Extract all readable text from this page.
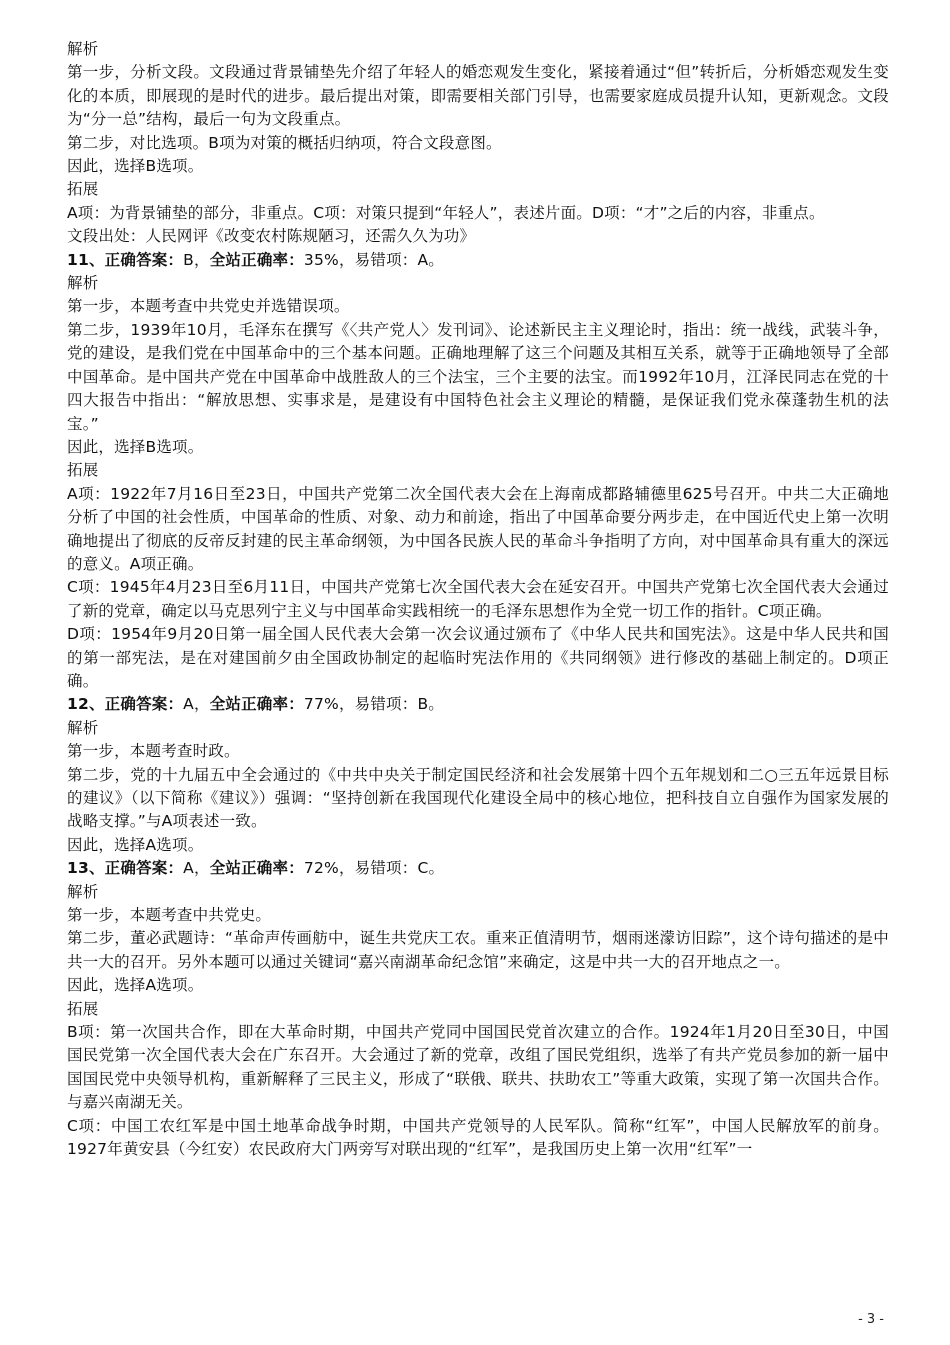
解析

第一步，分析文段。文段通过背景铺垫先介绍了年轻人的婚恋观发生变化，紧接着通过“但”转折后，分析婚恋观发生变化的本质，即展现的是时代的进步。最后提出对策，即需要相关部门引导，也需要家庭成员提升认知，更新观念。文段为“分一总”结构，最后一句为文段重点。

第二步，对比选项。B项为对策的概括归纳项，符合文段意图。

因此，选择B选项。

拓展

A项：为背景铺垫的部分，非重点。C项：对策只提到“年轻人”，表述片面。D项：“才”之后的内容，非重点。

文段出处：人民网评《改变农村陈规陋习，还需久久为功》

11、正确答案：B，全站正确率：35%，易错项：A。

解析

第一步，本题考查中共党史并选错误项。

第二步，1939年10月，毛泽东在撰写《〈共产党人〉发刊词》、论述新民主主义理论时，指出：统一战线，武装斗争，党的建设，是我们党在中国革命中的三个基本问题。正确地理解了这三个问题及其相互关系，就等于正确地领导了全部中国革命。是中国共产党在中国革命中战胜敌人的三个法宝，三个主要的法宝。而1992年10月，江泽民同志在党的十四大报告中指出：“解放思想、实事求是，是建设有中国特色社会主义理论的精髓，是保证我们党永葆蓬勃生机的法宝。”

因此，选择B选项。

拓展

A项：1922年7月16日至23日，中国共产党第二次全国代表大会在上海南成都路辅德里625号召开。中共二大正确地分析了中国的社会性质，中国革命的性质、对象、动力和前途，指出了中国革命要分两步走，在中国近代史上第一次明确地提出了彻底的反帝反封建的民主革命纲领，为中国各民族人民的革命斗争指明了方向，对中国革命具有重大的深远的意义。A项正确。

C项：1945年4月23日至6月11日，中国共产党第七次全国代表大会在延安召开。中国共产党第七次全国代表大会通过了新的党章，确定以马克思列宁主义与中国革命实践相统一的毛泽东思想作为全党一切工作的指针。C项正确。

D项：1954年9月20日第一届全国人民代表大会第一次会议通过颁布了《中华人民共和国宪法》。这是中华人民共和国的第一部宪法，是在对建国前夕由全国政协制定的起临时宪法作用的《共同纲领》进行修改的基础上制定的。D项正确。

12、正确答案：A，全站正确率：77%，易错项：B。

解析

第一步，本题考查时政。

第二步，党的十九届五中全会通过的《中共中央关于制定国民经济和社会发展第十四个五年规划和二○三五年远景目标的建议》（以下简称《建议》）强调：“坚持创新在我国现代化建设全局中的核心地位，把科技自立自强作为国家发展的战略支撑。”与A项表述一致。

因此，选择A选项。

13、正确答案：A，全站正确率：72%，易错项：C。

解析

第一步，本题考查中共党史。

第二步，董必武题诗：“革命声传画舫中，诞生共党庆工农。重来正值清明节，烟雨迷濛访旧踪”，这个诗句描述的是中共一大的召开。另外本题可以通过关键词“嘉兴南湖革命纪念馆”来确定，这是中共一大的召开地点之一。

因此，选择A选项。

拓展

B项：第一次国共合作，即在大革命时期，中国共产党同中国国民党首次建立的合作。1924年1月20日至30日，中国国民党第一次全国代表大会在广东召开。大会通过了新的党章，改组了国民党组织，选举了有共产党员参加的新一届中国国民党中央领导机构，重新解释了三民主义，形成了“联俄、联共、扶助农工”等重大政策，实现了第一次国共合作。与嘉兴南湖无关。

C项：中国工农红军是中国土地革命战争时期，中国共产党领导的人民军队。简称“红军”，中国人民解放军的前身。1927年黄安县（今红安）农民政府大门两旁写对联出现的“红军”，是我国历史上第一次用“红军”一

- 3 -
